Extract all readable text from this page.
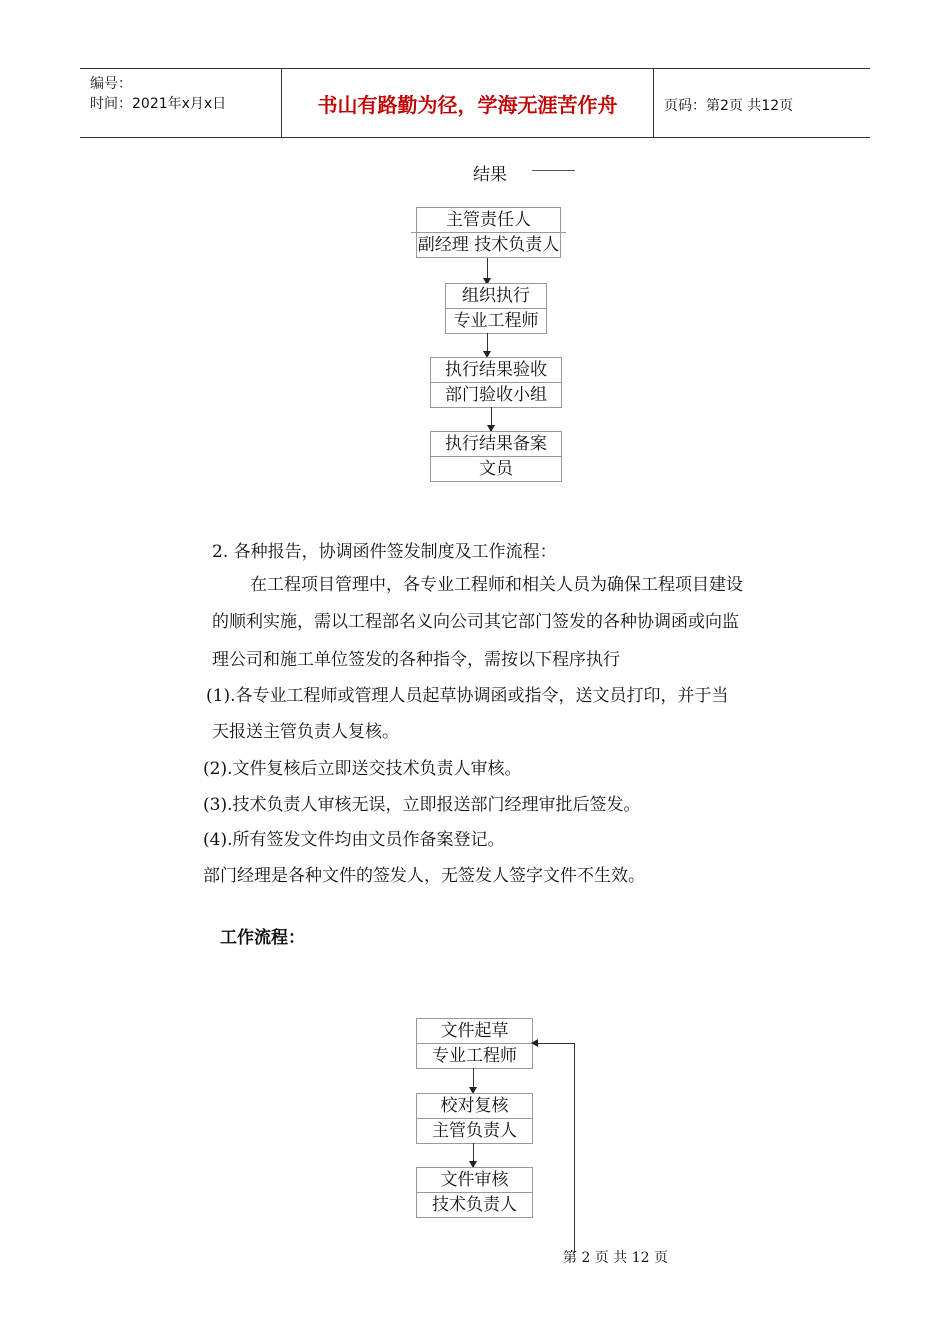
编号：
时间：2021年x月x日	书山有路勤为径，学海无涯苦作舟	页码：第2页 共12页
结果
主管责任人
副经理 技术负责人
组织执行
专业工程师
执行结果验收
部门验收小组
执行结果备案
文员
2. 各种报告，协调函件签发制度及工作流程：
在工程项目管理中，各专业工程师和相关人员为确保工程项目建设
的顺利实施，需以工程部名义向公司其它部门签发的各种协调函或向监
理公司和施工单位签发的各种指令，需按以下程序执行
(1).各专业工程师或管理人员起草协调函或指令，送文员打印，并于当
天报送主管负责人复核。
(2).文件复核后立即送交技术负责人审核。
(3).技术负责人审核无误，立即报送部门经理审批后签发。
(4).所有签发文件均由文员作备案登记。
部门经理是各种文件的签发人，无签发人签字文件不生效。
工作流程：
文件起草
专业工程师
校对复核
主管负责人
文件审核
技术负责人
第 2 页 共 12 页
